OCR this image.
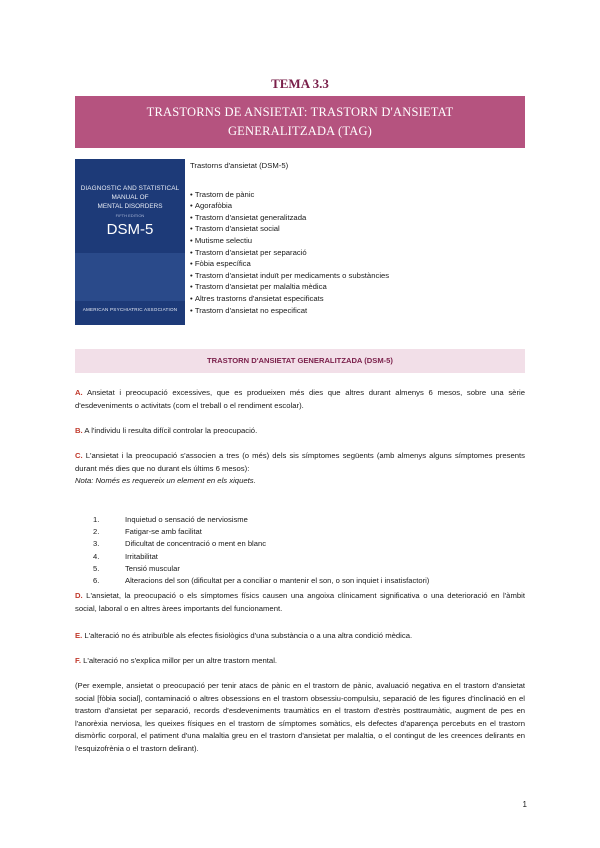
TEMA 3.3
TRASTORNS DE ANSIETAT: TRASTORN D'ANSIETAT
GENERALITZADA (TAG)
DIAGNOSTIC AND STATISTICAL
MANUAL OF
MENTAL DISORDERS
FIFTH EDITION
DSM-5
AMERICAN PSYCHIATRIC ASSOCIATION

Trastorns d'ansietat (DSM-5)

• Trastorn de pànic
• Agorafòbia
• Trastorn d'ansietat generalitzada
• Trastorn d'ansietat social
• Mutisme selectiu
• Trastorn d'ansietat per separació
• Fòbia específica
• Trastorn d'ansietat induït per medicaments o substàncies
• Trastorn d'ansietat per malaltia mèdica
• Altres trastorns d'ansietat especificats
• Trastorn d'ansietat no especificat
TRASTORN D'ANSIETAT GENERALITZADA (DSM-5)

A. Ansietat i preocupació excessives, que es produeixen més dies que altres durant almenys 6 mesos, sobre una sèrie d'esdeveniments o activitats (com el treball o el rendiment escolar).

B. A l'individu li resulta difícil controlar la preocupació.

C. L'ansietat i la preocupació s'associen a tres (o més) dels sis símptomes següents (amb almenys alguns símptomes presents durant més dies que no durant els últims 6 mesos):
Nota: Només es requereix un element en els xiquets.

1.	Inquietud o sensació de nerviosisme
2.	Fatigar-se amb facilitat
3.	Dificultat de concentració o ment en blanc
4.	Irritabilitat
5.	Tensió muscular
6.	Alteracions del son (dificultat per a conciliar o mantenir el son, o son inquiet i insatisfactori)

D. L'ansietat, la preocupació o els símptomes físics causen una angoixa clínicament significativa o una deterioració en l'àmbit social, laboral o en altres àrees importants del funcionament.

E. L'alteració no és atribuïble als efectes fisiològics d'una substància o a una altra condició mèdica.

F. L'alteració no s'explica millor per un altre trastorn mental.

(Per exemple, ansietat o preocupació per tenir atacs de pànic en el trastorn de pànic, avaluació negativa en el trastorn d'ansietat social [fòbia social], contaminació o altres obsessions en el trastorn obsessiu-compulsiu, separació de les figures d'inclinació en el trastorn d'ansietat per separació, records d'esdeveniments traumàtics en el trastorn d'estrès posttraumàtic, augment de pes en l'anorèxia nerviosa, les queixes físiques en el trastorn de símptomes somàtics, els defectes d'aparença percebuts en el trastorn dismòrfic corporal, el patiment d'una malaltia greu en el trastorn d'ansietat per malaltia, o el contingut de les creences delirants en l'esquizofrènia o el trastorn delirant).

1
